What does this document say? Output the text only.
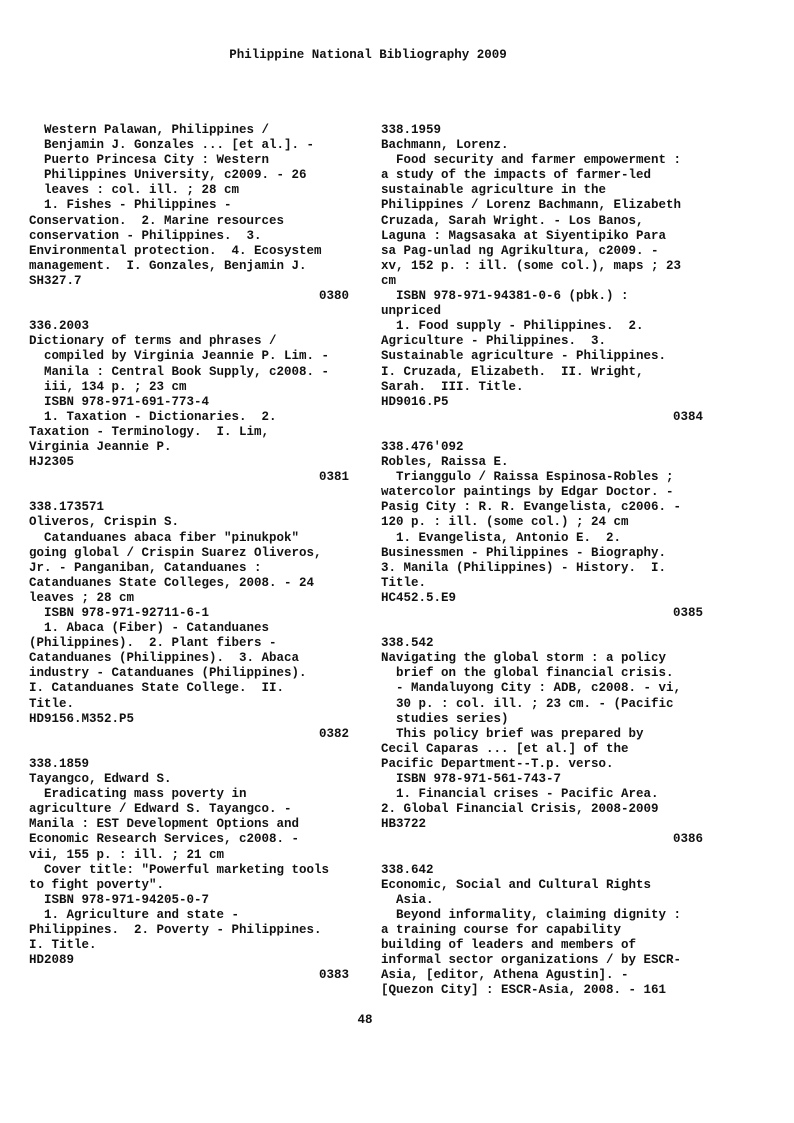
Philippine National Bibliography 2009
Western Palawan, Philippines /
Benjamin J. Gonzales ... [et al.]. -
Puerto Princesa City : Western
Philippines University, c2009. - 26
leaves : col. ill. ; 28 cm
1. Fishes - Philippines -
Conservation.  2. Marine resources
conservation - Philippines.  3.
Environmental protection.  4. Ecosystem
management.  I. Gonzales, Benjamin J.
SH327.7
0380
336.2003
Dictionary of terms and phrases /
compiled by Virginia Jeannie P. Lim. -
Manila : Central Book Supply, c2008. -
iii, 134 p. ; 23 cm
ISBN 978-971-691-773-4
1. Taxation - Dictionaries.  2.
Taxation - Terminology.  I. Lim,
Virginia Jeannie P.
HJ2305
0381
338.173571
Oliveros, Crispin S.
Catanduanes abaca fiber "pinukpok"
going global / Crispin Suarez Oliveros,
Jr. - Panganiban, Catanduanes :
Catanduanes State Colleges, 2008. - 24
leaves ; 28 cm
ISBN 978-971-92711-6-1
1. Abaca (Fiber) - Catanduanes
(Philippines).  2. Plant fibers -
Catanduanes (Philippines).  3. Abaca
industry - Catanduanes (Philippines).
I. Catanduanes State College.  II.
Title.
HD9156.M352.P5
0382
338.1859
Tayangco, Edward S.
Eradicating mass poverty in
agriculture / Edward S. Tayangco. -
Manila : EST Development Options and
Economic Research Services, c2008. -
vii, 155 p. : ill. ; 21 cm
Cover title: "Powerful marketing tools
to fight poverty".
ISBN 978-971-94205-0-7
1. Agriculture and state -
Philippines.  2. Poverty - Philippines.
I. Title.
HD2089
0383
338.1959
Bachmann, Lorenz.
Food security and farmer empowerment :
a study of the impacts of farmer-led
sustainable agriculture in the
Philippines / Lorenz Bachmann, Elizabeth
Cruzada, Sarah Wright. - Los Banos,
Laguna : Magsasaka at Siyentipiko Para
sa Pag-unlad ng Agrikultura, c2009. -
xv, 152 p. : ill. (some col.), maps ; 23
cm
ISBN 978-971-94381-0-6 (pbk.) :
unpriced
1. Food supply - Philippines.  2.
Agriculture - Philippines.  3.
Sustainable agriculture - Philippines.
I. Cruzada, Elizabeth.  II. Wright,
Sarah.  III. Title.
HD9016.P5
0384
338.476'092
Robles, Raissa E.
Trianggulo / Raissa Espinosa-Robles ;
watercolor paintings by Edgar Doctor. -
Pasig City : R. R. Evangelista, c2006. -
120 p. : ill. (some col.) ; 24 cm
1. Evangelista, Antonio E.  2.
Businessmen - Philippines - Biography.
3. Manila (Philippines) - History.  I.
Title.
HC452.5.E9
0385
338.542
Navigating the global storm : a policy
brief on the global financial crisis.
- Mandaluyong City : ADB, c2008. - vi,
30 p. : col. ill. ; 23 cm. - (Pacific
studies series)
This policy brief was prepared by
Cecil Caparas ... [et al.] of the
Pacific Department--T.p. verso.
ISBN 978-971-561-743-7
1. Financial crises - Pacific Area.
2. Global Financial Crisis, 2008-2009
HB3722
0386
338.642
Economic, Social and Cultural Rights
Asia.
Beyond informality, claiming dignity :
a training course for capability
building of leaders and members of
informal sector organizations / by ESCR-
Asia, [editor, Athena Agustin]. -
[Quezon City] : ESCR-Asia, 2008. - 161
48
